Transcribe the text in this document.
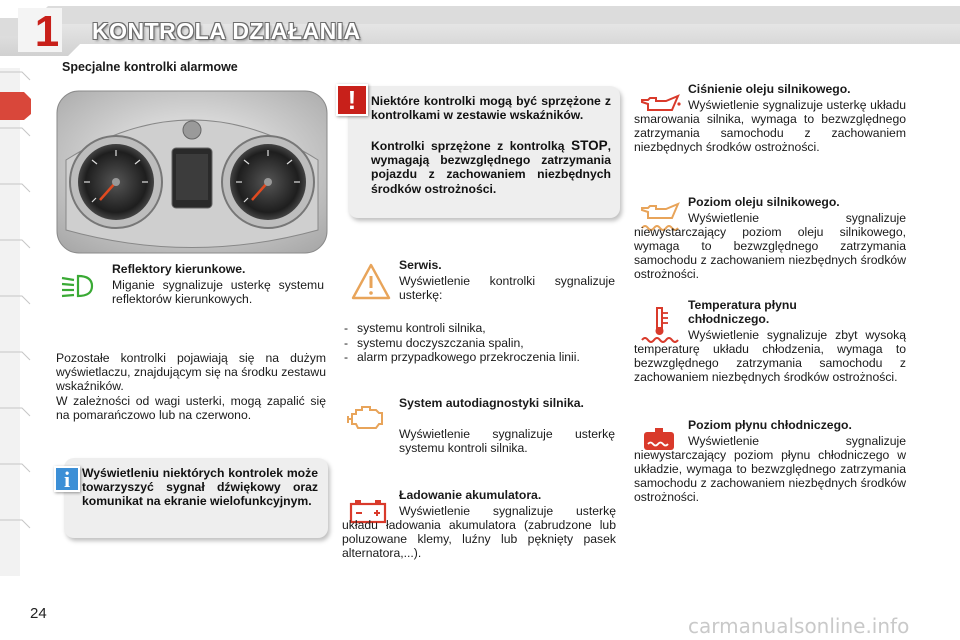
1	KONTROLA DZIAŁANIA
Specjalne kontrolki alarmowe
!	Niektóre kontrolki mogą być sprzężone z kontrolkami w zestawie wskaźników.
Kontrolki sprzężone z kontrolką STOP, wymagają bezwzględnego zatrzymania pojazdu z zachowaniem niezbędnych środków ostrożności.
i Wyświetleniu niektórych kontrolek może towarzyszyć sygnał dźwiękowy oraz komunikat na ekranie wielofunkcyjnym.
Reflektory kierunkowe.
Miganie sygnalizuje usterkę systemu reflektorów kierunkowych.
Pozostałe kontrolki pojawiają się na dużym wyświetlaczu, znajdującym się na środku zestawu wskaźników.
W zależności od wagi usterki, mogą zapalić się na pomarańczowo lub na czerwono.
Serwis.
Wyświetlenie kontrolki sygnalizuje usterkę:
- systemu kontroli silnika,
- systemu doczyszczania spalin,
- alarm przypadkowego przekroczenia linii.
System autodiagnostyki silnika.
Wyświetlenie sygnalizuje usterkę systemu kontroli silnika.
Ładowanie akumulatora.
Wyświetlenie sygnalizuje usterkę układu ładowania akumulatora (zabrudzone lub poluzowane klemy, luźny lub pęknięty pasek alternatora,...).
Ciśnienie oleju silnikowego.
Wyświetlenie sygnalizuje usterkę układu smarowania silnika, wymaga to bezwzględnego zatrzymania samochodu z zachowaniem niezbędnych środków ostrożności.
Poziom oleju silnikowego.
Wyświetlenie sygnalizuje niewystarczający poziom oleju silnikowego, wymaga to bezwzględnego zatrzymania samochodu z zachowaniem niezbędnych środków ostrożności.
Temperatura płynu chłodniczego.
Wyświetlenie sygnalizuje zbyt wysoką temperaturę układu chłodzenia, wymaga to bezwzględnego zatrzymania samochodu z zachowaniem niezbędnych środków ostrożności.
Poziom płynu chłodniczego.
Wyświetlenie sygnalizuje niewystarczający poziom płynu chłodniczego w układzie, wymaga to bezwzględnego zatrzymania samochodu z zachowaniem niezbędnych środków ostrożności.
24
carmanualsonline.info
